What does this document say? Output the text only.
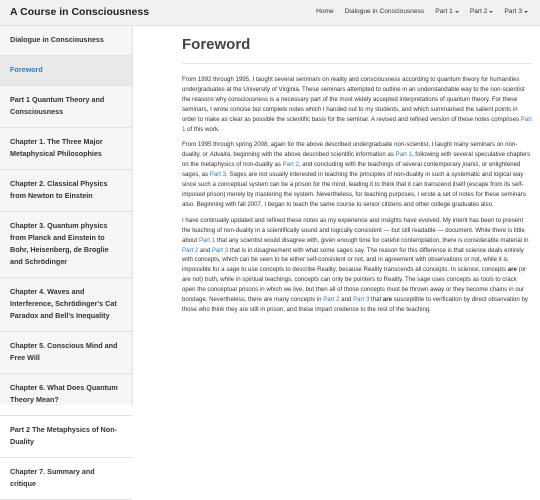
A Course in Consciousness	Home Dialogue in Consciousness Part 1	Part 2	Part 3
Dialogue in Consciousness
Foreword
Part 1 Quantum Theory and Consciousness
Chapter 1. The Three Major Metaphysical Philosophies
Chapter 2. Classical Physics from Newton to Einstein
Chapter 3. Quantum physics from Planck and Einstein to Bohr, Heisenberg, de Broglie and Schrödinger
Chapter 4. Waves and Interference, Schrödinger's Cat Paradox and Bell's Inequality
Chapter 5. Conscious Mind and Free Will
Chapter 6. What Does Quantum Theory Mean?
Part 2 The Metaphysics of Non-Duality
Chapter 7. Summary and critique
Foreword

From 1992 through 1995, I taught several seminars on reality and consciousness according to quantum theory for humanities undergraduates at the University of Virginia. These seminars attempted to outline in an understandable way to the non-scientist the reasons why consciousness is a necessary part of the most widely accepted interpretations of quantum theory. For these seminars, I wrote concise but complete notes which I handed out to my students, and which summarised the salient points in order to make as clear as possible the scientific basis for the seminar. A revised and refined version of these notes comprises Part 1 of this work.

From 1995 through spring 2008, again for the above described undergraduate non-scientist, I taught many seminars on non-duality, or Advaita, beginning with the above described scientific information as Part 1, following with several speculative chapters on the metaphysics of non-duality as Part 2, and concluding with the teachings of several contemporary jnanis, or enlightened sages, as Part 3. Sages are not usually interested in teaching the principles of non-duality in such a systematic and logical way since such a conceptual system can be a prison for the mind, leading it to think that it can transcend itself (escape from its self-imposed prison) merely by mastering the system. Nevertheless, for teaching purposes, I wrote a set of notes for these seminars also. Beginning with fall 2007, I began to teach the same course to senior citizens and other college graduates also.

I have continually updated and refined these notes as my experience and insights have evolved. My intent has been to present the teaching of non-duality in a scientifically sound and logically consistent — but still readable — document. While there is little about Part 1 that any scientist would disagree with, given enough time for careful contemplation, there is considerable material in Part 2 and Part 3 that is in disagreement with what some sages say. The reason for this difference is that science deals entirely with concepts, which can be seen to be either self-consistent or not, and in agreement with observations or not, while it is impossible for a sage to use concepts to describe Reality, because Reality transcends all concepts. In science, concepts are (or are not) truth, while in spiritual teachings, concepts can only be pointers to Reality. The sage uses concepts as tools to crack open the conceptual prisons in which we live, but then all of those concepts must be thrown away or they become chains in our bondage. Nevertheless, there are many concepts in Part 2 and Part 3 that are susceptible to verification by direct observation by those who think they are still in prison, and these impart credence to the rest of the teaching.
